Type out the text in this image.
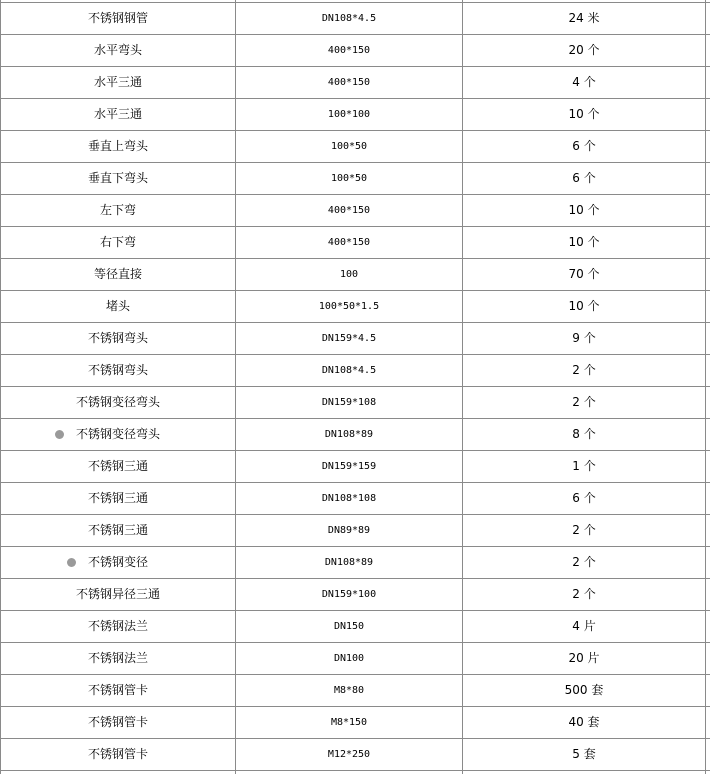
不锈钢钢管	DN108*4.5	24 米
水平弯头	400*150	20 个
水平三通	400*150	4 个
水平三通	100*100	10 个
垂直上弯头	100*50	6 个
垂直下弯头	100*50	6 个
左下弯	400*150	10 个
右下弯	400*150	10 个
等径直接	100	70 个
堵头	100*50*1.5	10 个
不锈钢弯头	DN159*4.5	9 个
不锈钢弯头	DN108*4.5	2 个
不锈钢变径弯头	DN159*108	2 个
不锈钢变径弯头	DN108*89	8 个
不锈钢三通	DN159*159	1 个
不锈钢三通	DN108*108	6 个
不锈钢三通	DN89*89	2 个
不锈钢变径	DN108*89	2 个
不锈钢异径三通	DN159*100	2 个
不锈钢法兰	DN150	4 片
不锈钢法兰	DN100	20 片
不锈钢管卡	M8*80	500 套
不锈钢管卡	M8*150	40 套
不锈钢管卡	M12*250	5 套
